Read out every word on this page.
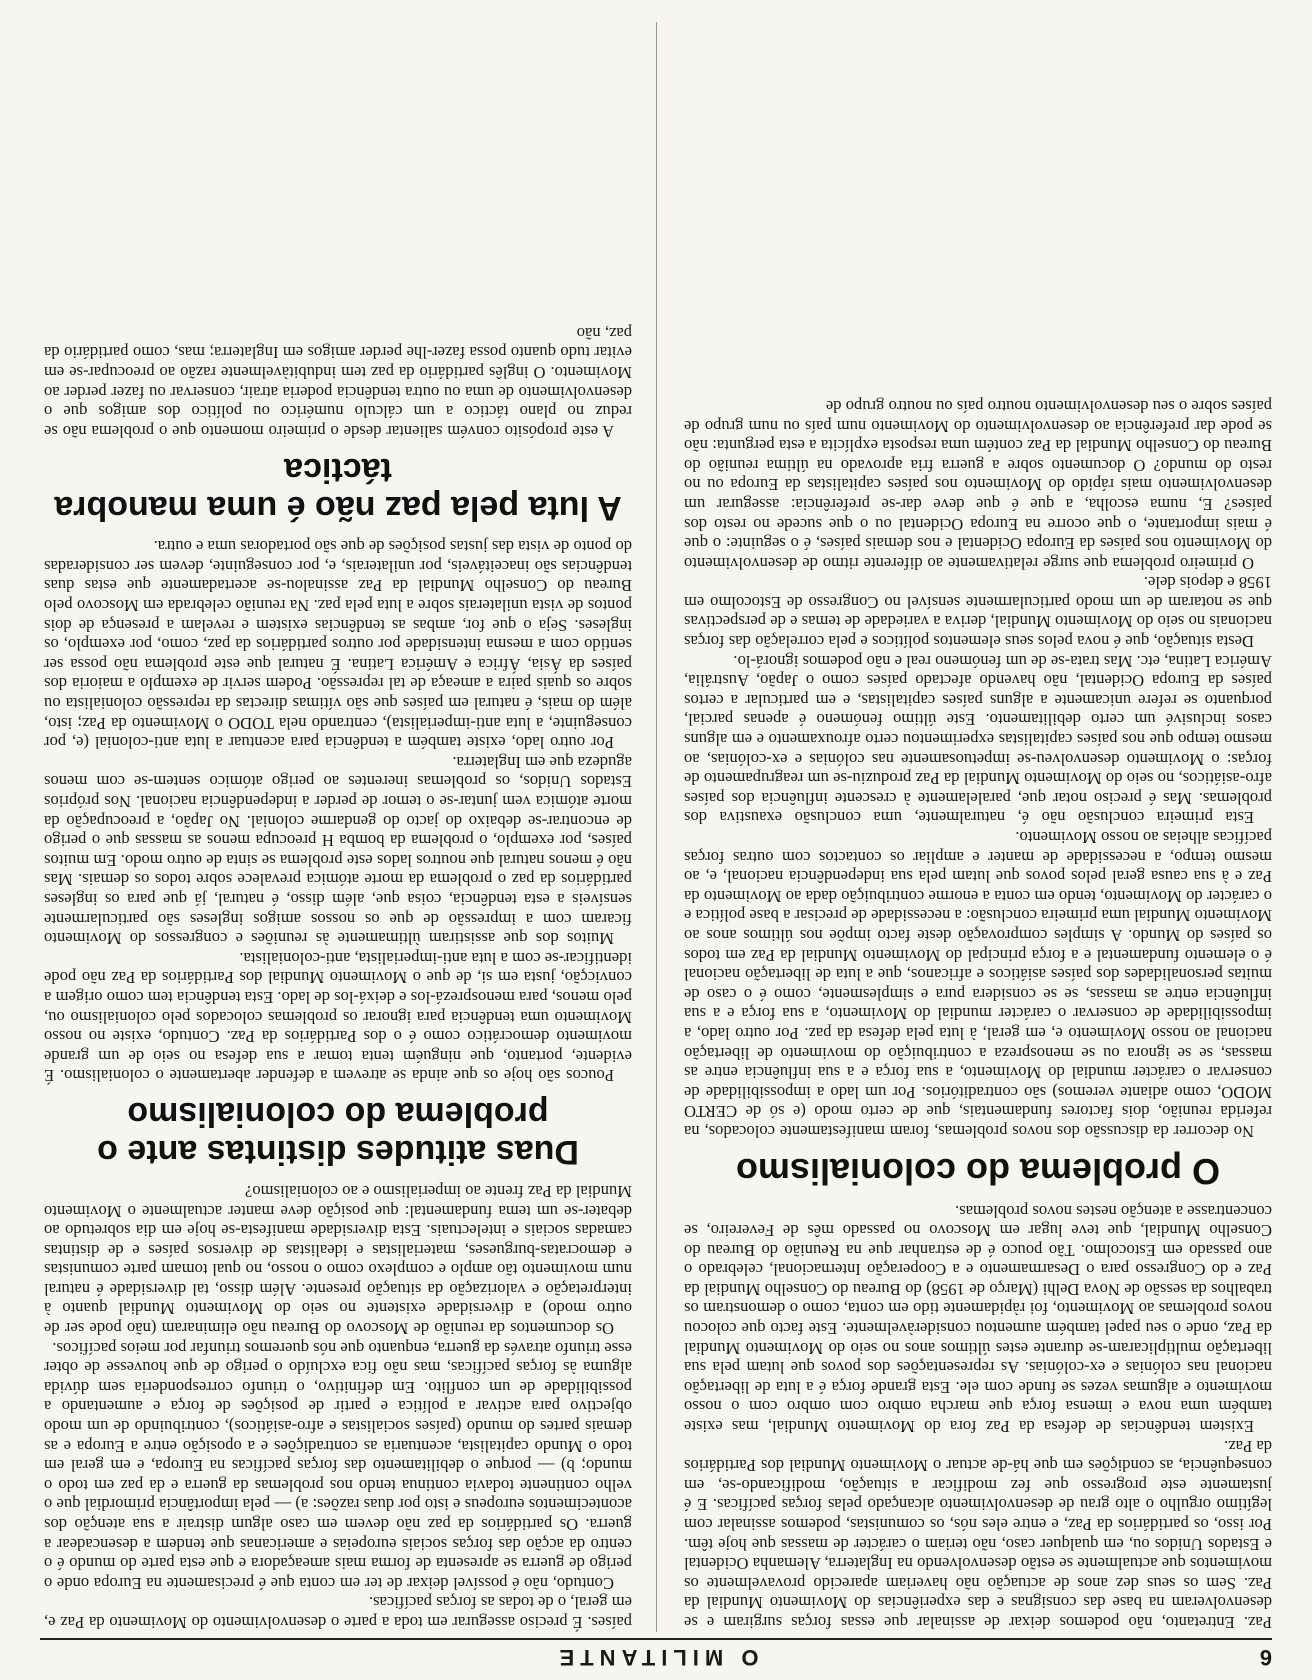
6
O MILITANTE

Paz. Entretanto, não podemos deixar de assinalar que essas forças surgiram e se desenvolveram na base das consignas e das experiências do Movimento Mundial da Paz. Sem os seus dez anos de actuação não haveriam aparecido provavelmente os movimentos que actualmente se estão desenvolvendo na Inglaterra, Alemanha Ocidental e Estados Unidos ou, em qualquer caso, não teriam o carácter de massas que hoje têm. Por isso, os partidários da Paz, e entre eles nós, os comunistas, podemos assinalar com legítimo orgulho o alto grau de desenvolvimento alcançado pelas forças pacíficas. E é justamente este progresso que fez modificar a situação, modificando-se, em consequência, as condições em que há-de actuar o Movimento Mundial dos Partidários da Paz.

Existem tendências de defesa da Paz fora do Movimento Mundial, mas existe também uma nova e imensa força que marcha ombro com ombro com o nosso movimento e algumas vezes se funde com ele. Esta grande força é a luta de libertação nacional nas colónias e ex-colónias. As representações dos povos que lutam pela sua libertação multiplicaram-se durante estes últimos anos no seio do Movimento Mundial da Paz, onde o seu papel também aumentou consideràvelmente. Este facto que colocou novos problemas ao Movimento, foi ràpidamente tido em conta, como o demonstram os trabalhos da sessão de Nova Delhi (Março de 1958) do Bureau do Conselho Mundial da Paz e do Congresso para o Desarmamento e a Cooperação Internacional, celebrado o ano passado em Estocolmo. Tão pouco é de estranhar que na Reunião do Bureau do Conselho Mundial, que teve lugar em Moscovo no passado mês de Fevereiro, se concentrasse a atenção nestes novos problemas.

O problema do colonialismo

No decorrer da discussão dos novos problemas, foram manifestamente colocados, na referida reunião, dois factores fundamentais, que de certo modo (e só de CERTO MODO, como adiante veremos) são contraditórios. Por um lado a impossibilidade de conservar o carácter mundial do Movimento, a sua força e a sua influência entre as massas, se se ignora ou se menospreza a contribuição do movimento de libertação nacional ao nosso Movimento e, em geral, à luta pela defesa da paz. Por outro lado, a impossibilidade de conservar o carácter mundial do Movimento, a sua força e a sua influência entre as massas, se se considera pura e simplesmente, como é o caso de muitas personalidades dos países asiáticos e africanos, que a luta de libertação nacional é o elemento fundamental e a força principal do Movimento Mundial da Paz em todos os países do Mundo. A simples comprovação deste facto impõe nos últimos anos ao Movimento Mundial uma primeira conclusão: a necessidade de precisar a base política e o carácter do Movimento, tendo em conta a enorme contribuição dada ao Movimento da Paz e à sua causa geral pelos povos que lutam pela sua independência nacional, e, ao mesmo tempo, a necessidade de manter e ampliar os contactos com outras forças pacíficas alheias ao nosso Movimento.

Esta primeira conclusão não é, naturalmente, uma conclusão exaustiva dos problemas. Mas é preciso notar que, paralelamente à crescente influência dos países afro-asiáticos, no seio do Movimento Mundial da Paz produziu-se um reagrupamento de forças: o Movimento desenvolveu-se impetuosamente nas colónias e ex-colónias, ao mesmo tempo que nos países capitalistas experimentou certo afrouxamento e em alguns casos inclusivé um certo debilitamento. Este último fenómeno é apenas parcial, porquanto se refere unicamente a alguns países capitalistas, e em particular a certos países da Europa Ocidental, não havendo afectado países como o Japão, Austrália, América Latina, etc. Mas trata-se de um fenómeno real e não podemos ignorá-lo.

Desta situação, que é nova pelos seus elementos políticos e pela correlação das forças nacionais no seio do Movimento Mundial, deriva a variedade de temas e de perspectivas que se notaram de um modo particularmente sensível no Congresso de Estocolmo em 1958 e depois dele.

O primeiro problema que surge relativamente ao diferente ritmo de desenvolvimento do Movimento nos países da Europa Ocidental e nos demais países, é o seguinte: o que é mais importante, o que ocorre na Europa Ocidental ou o que sucede no resto dos países? E, numa escolha, a que é que deve dar-se preferência: assegurar um desenvolvimento mais rápido do Movimento nos países capitalistas da Europa ou no resto do mundo? O documento sobre a guerra fria aprovado na última reunião do Bureau do Conselho Mundial da Paz contém uma resposta explícita a esta pergunta: não se pode dar preferência ao desenvolvimento do Movimento num país ou num grupo de países sobre o seu desenvolvimento noutro país ou noutro grupo de

países. É preciso assegurar em toda a parte o desenvolvimento do Movimento da Paz e, em geral, o de todas as forças pacíficas.

Contudo, não é possível deixar de ter em conta que é precisamente na Europa onde o perigo de guerra se apresenta de forma mais ameaçadora e que esta parte do mundo é o centro da acção das forças sociais europeias e americanas que tendem a desencadear a guerra. Os partidários da paz não devem em caso algum distrair a sua atenção dos acontecimentos europeus e isto por duas razões: a) — pela importância primordial que o velho continente todavia continua tendo nos problemas da guerra e da paz em todo o mundo; b) — porque o debilitamento das forças pacíficas na Europa, e em geral em todo o Mundo capitalista, acentuaria as contradições e a oposição entre a Europa e as demais partes do mundo (países socialistas e afro-asiáticos), contribuindo de um modo objectivo para activar a política e partir de posições de força e aumentando a possibilidade de um conflito. Em definitivo, o triunfo corresponderia sem dúvida alguma às forças pacíficas, mas não fica excluído o perigo de que houvesse de obter esse triunfo através da guerra, enquanto que nós queremos triunfar por meios pacíficos.

Os documentos da reunião de Moscovo do Bureau não eliminaram (não pode ser de outro modo) a diversidade existente no seio do Movimento Mundial quanto à interpretação e valorização da situação presente. Além disso, tal diversidade é natural num movimento tão amplo e complexo como o nosso, no qual tomam parte comunistas e democratas-burgueses, materialistas e idealistas de diversos países e de distintas camadas sociais e intelectuais. Esta diversidade manifesta-se hoje em dia sobretudo ao debater-se um tema fundamental: que posição deve manter actualmente o Movimento Mundial da Paz frente ao imperialismo e ao colonialismo?

Duas atitudes distintas ante o problema do colonialismo

Poucos são hoje os que ainda se atrevem a defender abertamente o colonialismo. É evidente, portanto, que ninguém tenta tomar a sua defesa no seio de um grande movimento democrático como é o dos Partidários da Paz. Contudo, existe no nosso Movimento uma tendência para ignorar os problemas colocados pelo colonialismo ou, pelo menos, para menosprezá-los e deixá-los de lado. Esta tendência tem como origem a convicção, justa em si, de que o Movimento Mundial dos Partidários da Paz não pode identificar-se com a luta anti-imperialista, anti-colonialista.

Muitos dos que assistiram ùltimamente às reuniões e congressos do Movimento ficaram com a impressão de que os nossos amigos ingleses são particularmente sensíveis a esta tendência, coisa que, além disso, é natural, já que para os ingleses partidários da paz o problema da morte atómica prevalece sobre todos os demais. Mas não é menos natural que noutros lados este problema se sinta de outro modo. Em muitos países, por exemplo, o problema da bomba H preocupa menos as massas que o perigo de encontrar-se debaixo do jacto do gendarme colonial. No Japão, a preocupação da morte atómica vem juntar-se o temor de perder a independência nacional. Nos próprios Estados Unidos, os problemas inerentes ao perigo atómico sentem-se com menos agudeza que em Inglaterra.

Por outro lado, existe também a tendência para acentuar a luta anti-colonial (e, por conseguinte, a luta anti-imperialista), centrando nela TODO o Movimento da Paz; isto, além do mais, é natural em países que são vítimas directas da repressão colonialista ou sobre os quais paira a ameaça de tal repressão. Podem servir de exemplo a maioria dos países da Ásia, África e América Latina. É natural que este problema não possa ser sentido com a mesma intensidade por outros partidários da paz, como, por exemplo, os ingleses. Seja o que for, ambas as tendências existem e revelam a presença de dois pontos de vista unilaterais sobre a luta pela paz. Na reunião celebrada em Moscovo pelo Bureau do Conselho Mundial da Paz assinalou-se acertadamente que estas duas tendências são inaceitáveis, por unilaterais, e, por conseguinte, devem ser consideradas do ponto de vista das justas posições de que são portadoras uma e outra.

A luta pela paz não é uma manobra táctica

A este propósito convém salientar desde o primeiro momento que o problema não se reduz no plano táctico a um cálculo numérico ou político dos amigos que o desenvolvimento de uma ou outra tendência poderia atrair, conservar ou fazer perder ao Movimento. O inglês partidário da paz tem indubitàvelmente razão ao preocupar-se em evitar tudo quanto possa fazer-lhe perder amigos em Inglaterra; mas, como partidário da paz, não
